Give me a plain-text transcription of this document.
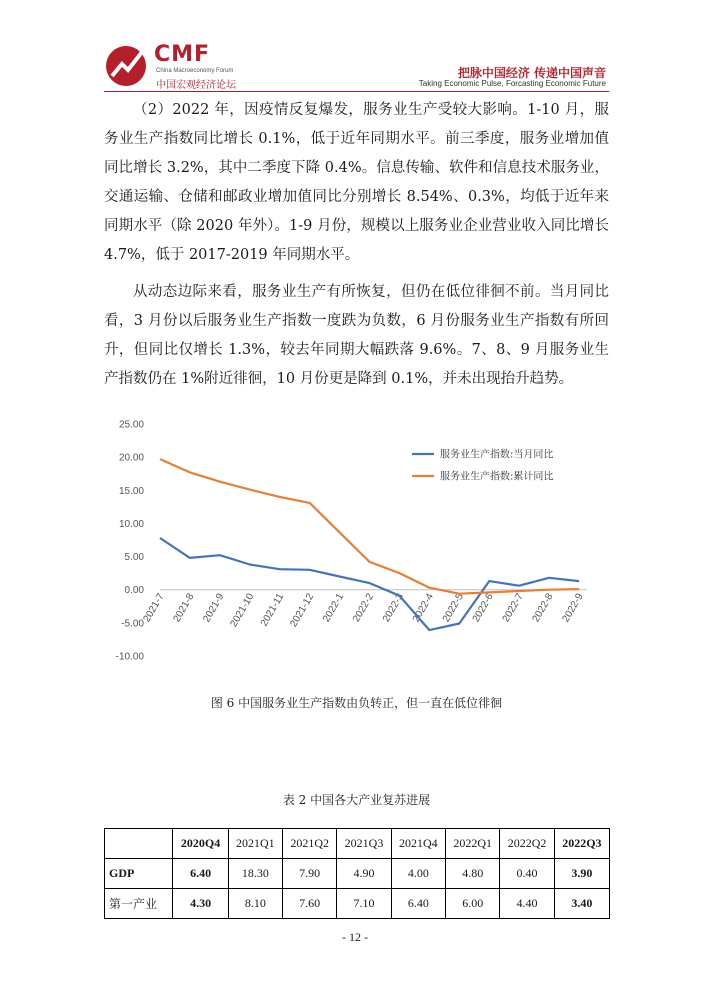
CMF
China Macroeconomy Forum
中国宏观经济论坛
把脉中国经济 传递中国声音
Taking Economic Pulse, Forcasting Economic Future

（2）2022 年，因疫情反复爆发，服务业生产受较大影响。1-10 月，服务业生产指数同比增长 0.1%，低于近年同期水平。前三季度，服务业增加值同比增长 3.2%，其中二季度下降 0.4%。信息传输、软件和信息技术服务业，交通运输、仓储和邮政业增加值同比分别增长 8.54%、0.3%，均低于近年来同期水平（除 2020 年外）。1-9 月份，规模以上服务业企业营业收入同比增长 4.7%，低于 2017-2019 年同期水平。

从动态边际来看，服务业生产有所恢复，但仍在低位徘徊不前。当月同比看，3 月份以后服务业生产指数一度跌为负数，6 月份服务业生产指数有所回升，但同比仅增长 1.3%，较去年同期大幅跌落 9.6%。7、8、9 月服务业生产指数仍在 1%附近徘徊，10 月份更是降到 0.1%，并未出现抬升趋势。

25.00
20.00
15.00
10.00
5.00
0.00
-5.00
-10.00
2021-7 2021-8 2021-9 2021-10 2021-11 2021-12 2022-1 2022-2 2022-3 2022-4 2022-5 2022-6 2022-7 2022-8 2022-9
服务业生产指数:当月同比
服务业生产指数:累计同比
图 6 中国服务业生产指数由负转正，但一直在低位徘徊
表 2 中国各大产业复苏进展
	2020Q4	2021Q1	2021Q2	2021Q3	2021Q4	2022Q1	2022Q2	2022Q3
GDP	6.40	18.30	7.90	4.90	4.00	4.80	0.40	3.90
第一产业	4.30	8.10	7.60	7.10	6.40	6.00	4.40	3.40
- 12 -
